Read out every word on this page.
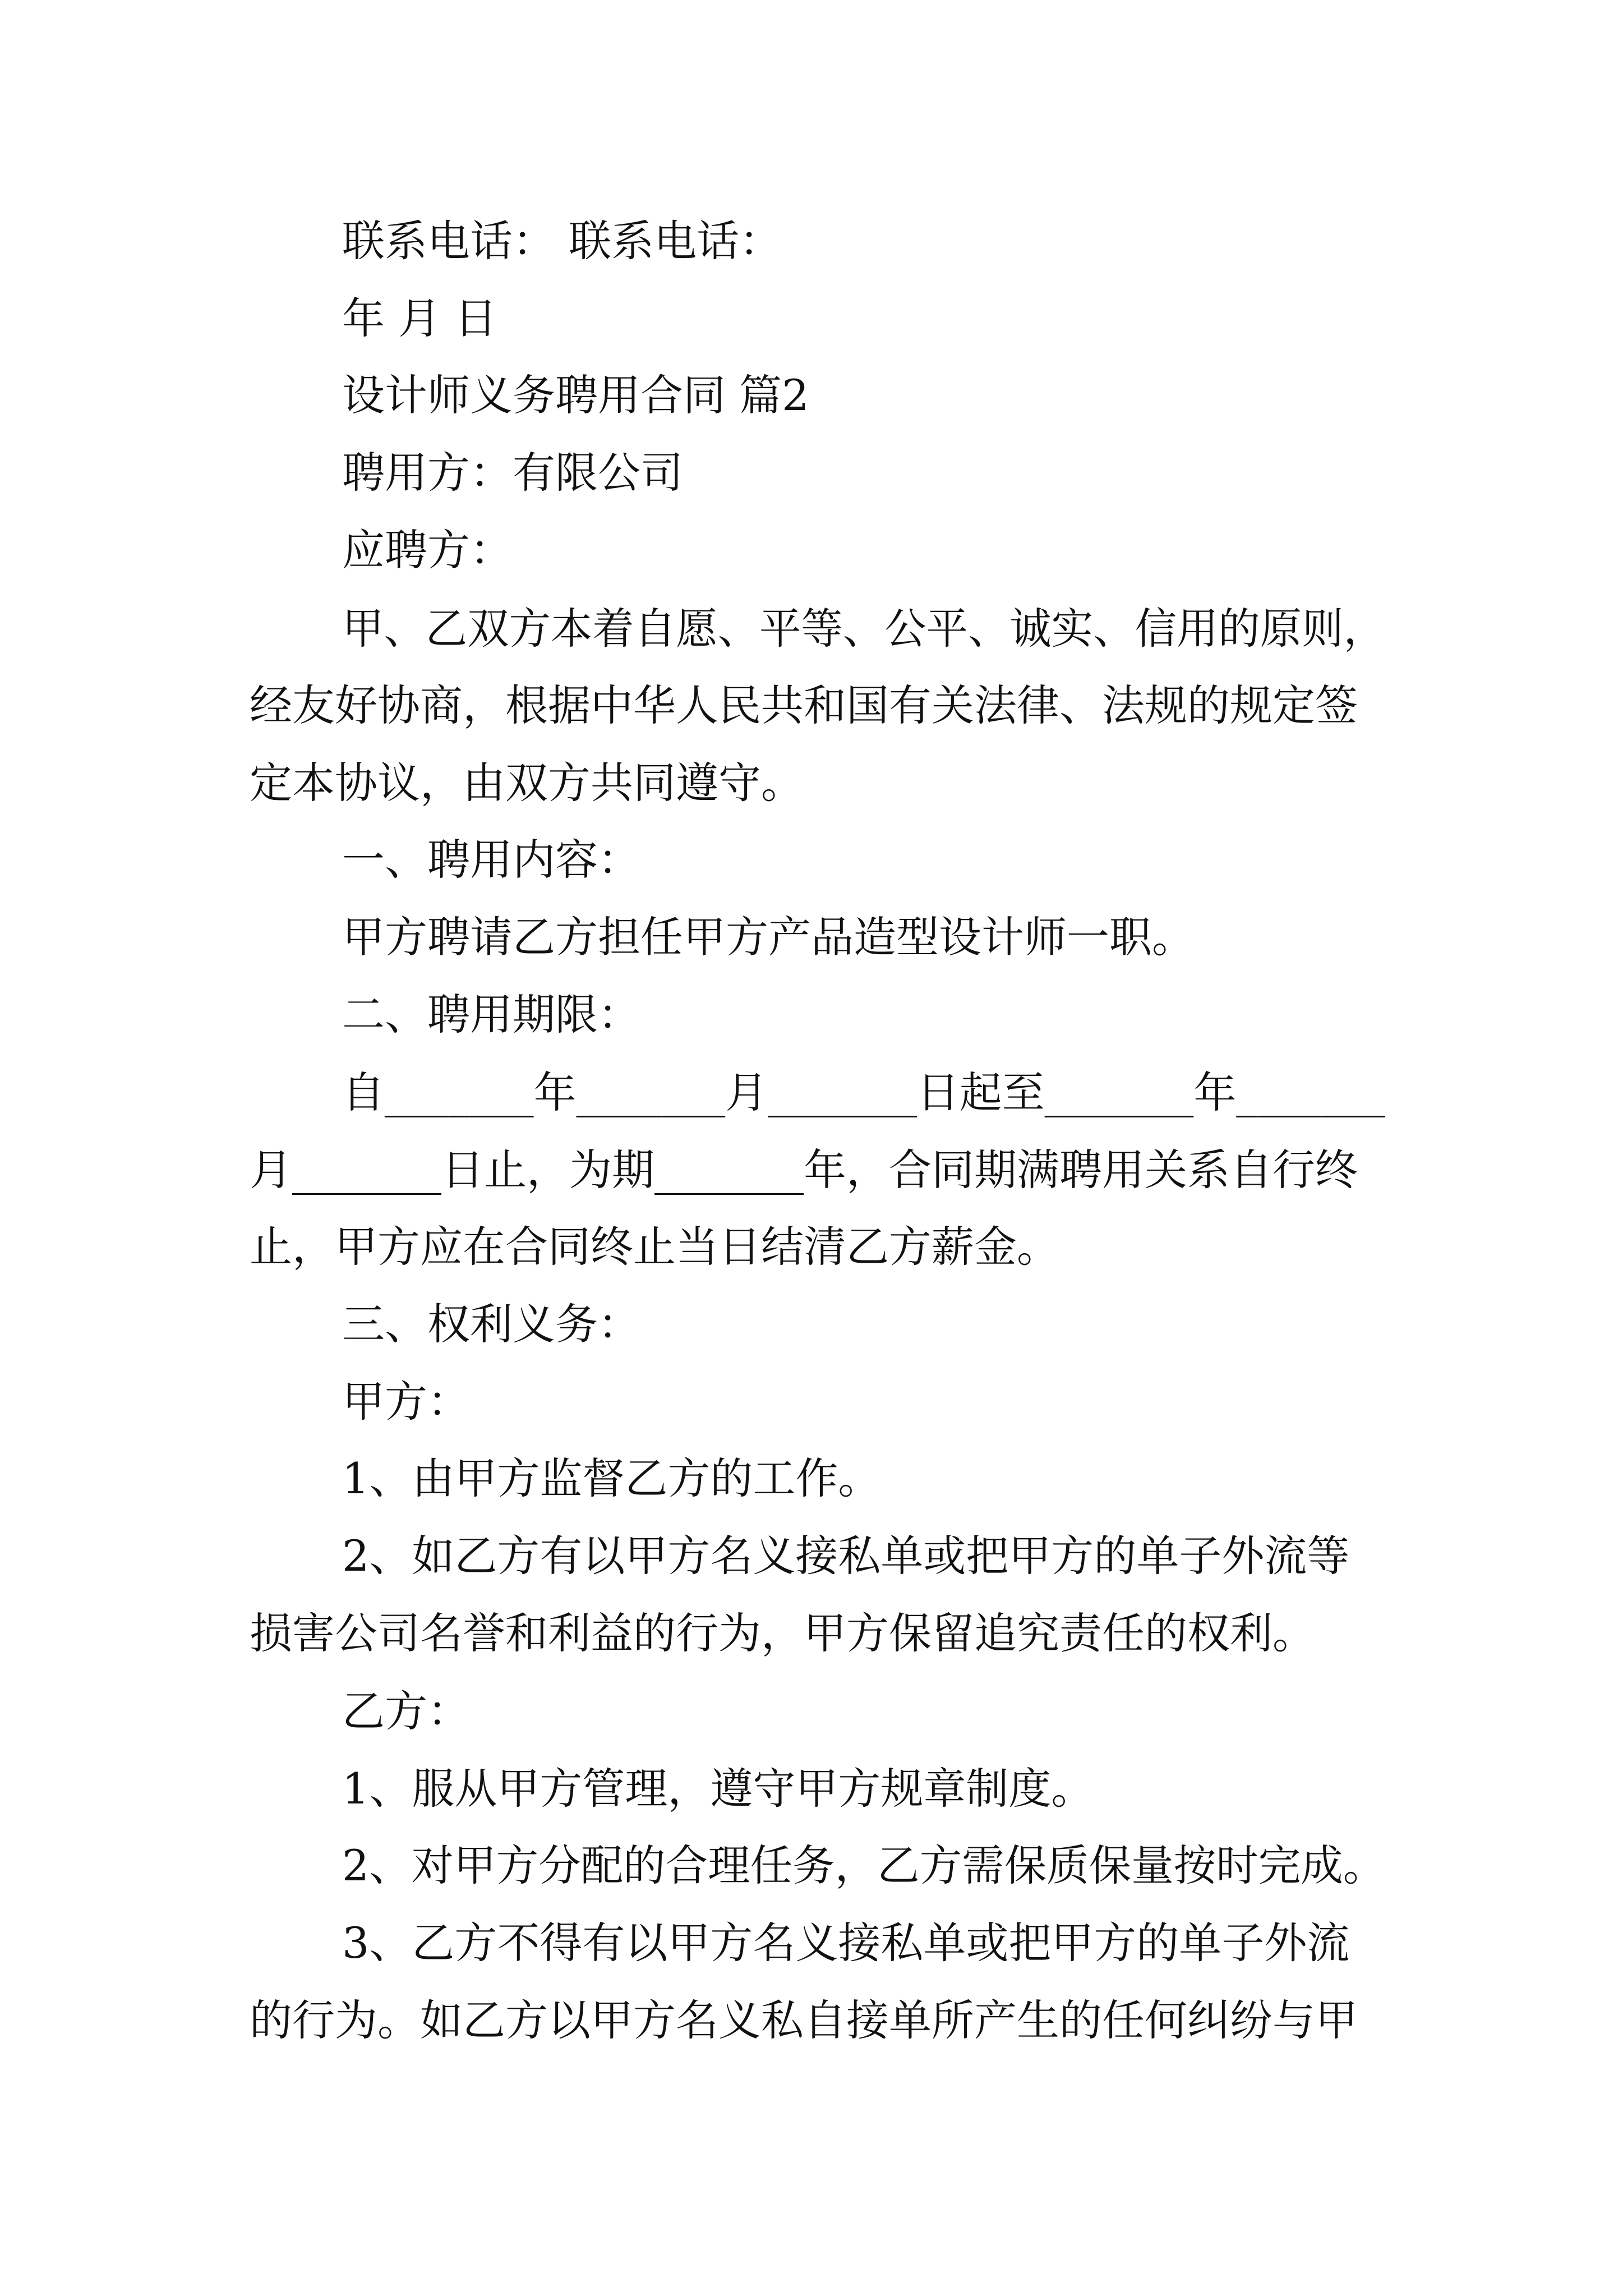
联系电话： 联系电话：
年 月 日
设计师义务聘用合同 篇2
聘用方：有限公司
应聘方：
甲、乙双方本着自愿、平等、公平、诚实、信用的原则，
经友好协商，根据中华人民共和国有关法律、法规的规定签
定本协议，由双方共同遵守。
一、聘用内容：
甲方聘请乙方担任甲方产品造型设计师一职。
二、聘用期限：
自_______年_______月_______日起至_______年_______
月_______日止，为期_______年，合同期满聘用关系自行终
止，甲方应在合同终止当日结清乙方薪金。
三、权利义务：
甲方：
1、由甲方监督乙方的工作。
2、如乙方有以甲方名义接私单或把甲方的单子外流等
损害公司名誉和利益的行为，甲方保留追究责任的权利。
乙方：
1、服从甲方管理，遵守甲方规章制度。
2、对甲方分配的合理任务，乙方需保质保量按时完成。
3、乙方不得有以甲方名义接私单或把甲方的单子外流
的行为。如乙方以甲方名义私自接单所产生的任何纠纷与甲
